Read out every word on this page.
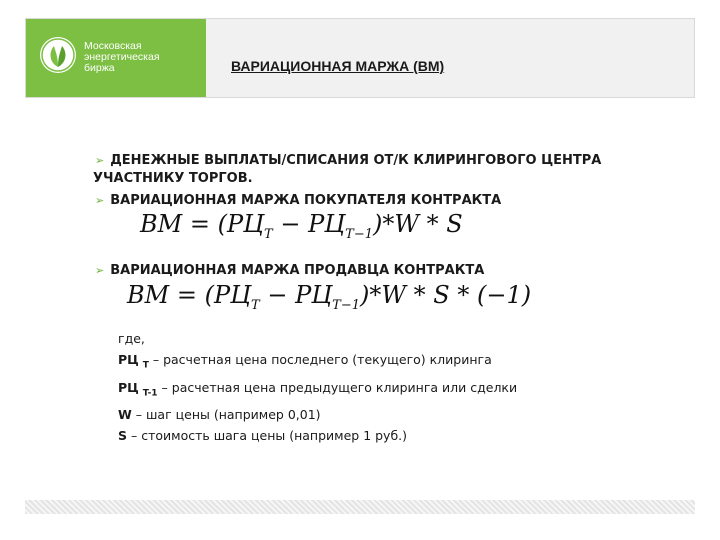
Московская
энергетическая
биржа	ВАРИАЦИОННАЯ МАРЖА (ВМ)
➢ ДЕНЕЖНЫЕ ВЫПЛАТЫ/СПИСАНИЯ ОТ/К КЛИРИНГОВОГО ЦЕНТРА
УЧАСТНИКУ ТОРГОВ.
➢ ВАРИАЦИОННАЯ МАРЖА ПОКУПАТЕЛЯ КОНТРАКТА
ВМ = $(РЦ_T - РЦ_{T-1})*W * S$
➢ ВАРИАЦИОННАЯ МАРЖА ПРОДАВЦА КОНТРАКТА
ВМ = $(РЦ_T - РЦ_{T-1})*W * S * (-1)$
где,
РЦ $_T$ – расчетная цена последнего (текущего) клиринга
РЦ $_{T-1}$ – расчетная цена предыдущего клиринга или сделки
W – шаг цены (например 0,01)
S – стоимость шага цены (например 1 руб.)
